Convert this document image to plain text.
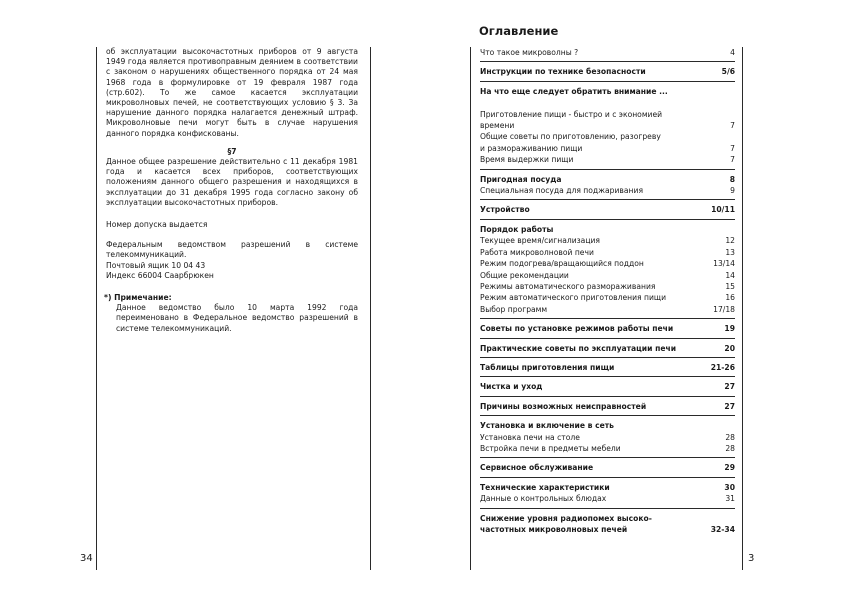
34	3

об эксплуатации высокочастотных приборов от 9 августа 1949 года является противоправным деянием в соответствии с законом о нарушениях общественного порядка от 24 мая 1968 года в формулировке от 19 февраля 1987 года (стр.602). То же самое касается эксплуатации микроволновых печей, не соответствующих условию § 3. За нарушение данного порядка налагается денежный штраф. Микроволновые печи могут быть в случае нарушения данного порядка конфискованы.

§7

Данное общее разрешение действительно с 11 декабря 1981 года и касается всех приборов, соответствующих положениям данного общего разрешения и находящихся в эксплуатации до 31 декабря 1995 года согласно закону об эксплуатации высокочастотных приборов.

Номер допуска выдается

Федеральным ведомством разрешений в системе телекоммуникаций.

Почтовый ящик 10 04 43

Индекс 66004 Саарбрюкен

*) Примечание:
Данное ведомство было 10 марта 1992 года переименовано в Федеральное ведомство разрешений в системе телекоммуникаций.
Оглавление
Что такое микроволны ?	4
Инструкции по технике безопасности	5/6
На что еще следует обратить внимание ...

Приготовление пищи - быстро и с экономией
времени	7
Общие советы по приготовлению, разогреву
и размораживанию пищи	7
Время выдержки пищи	7
Пригодная посуда	8
Специальная посуда для поджаривания	9
Устройство	10/11
Порядок работы
Текущее время/сигнализация	12
Работа микроволновой печи	13
Режим подогрева/вращающийся поддон	13/14
Общие рекомендации	14
Режимы автоматического размораживания	15
Режим автоматического приготовления пищи	16
Выбор программ	17/18
Советы по установке режимов работы печи	19
Практические советы по эксплуатации печи	20
Таблицы приготовления пищи	21-26
Чистка и уход	27
Причины возможных неисправностей	27
Установка и включение в сеть
Установка печи на столе	28
Встройка печи в предметы мебели	28
Сервисное обслуживание	29
Технические характеристики	30
Данные о контрольных блюдах	31
Снижение уровня радиопомех высоко-
частотных микроволновых печей	32-34
